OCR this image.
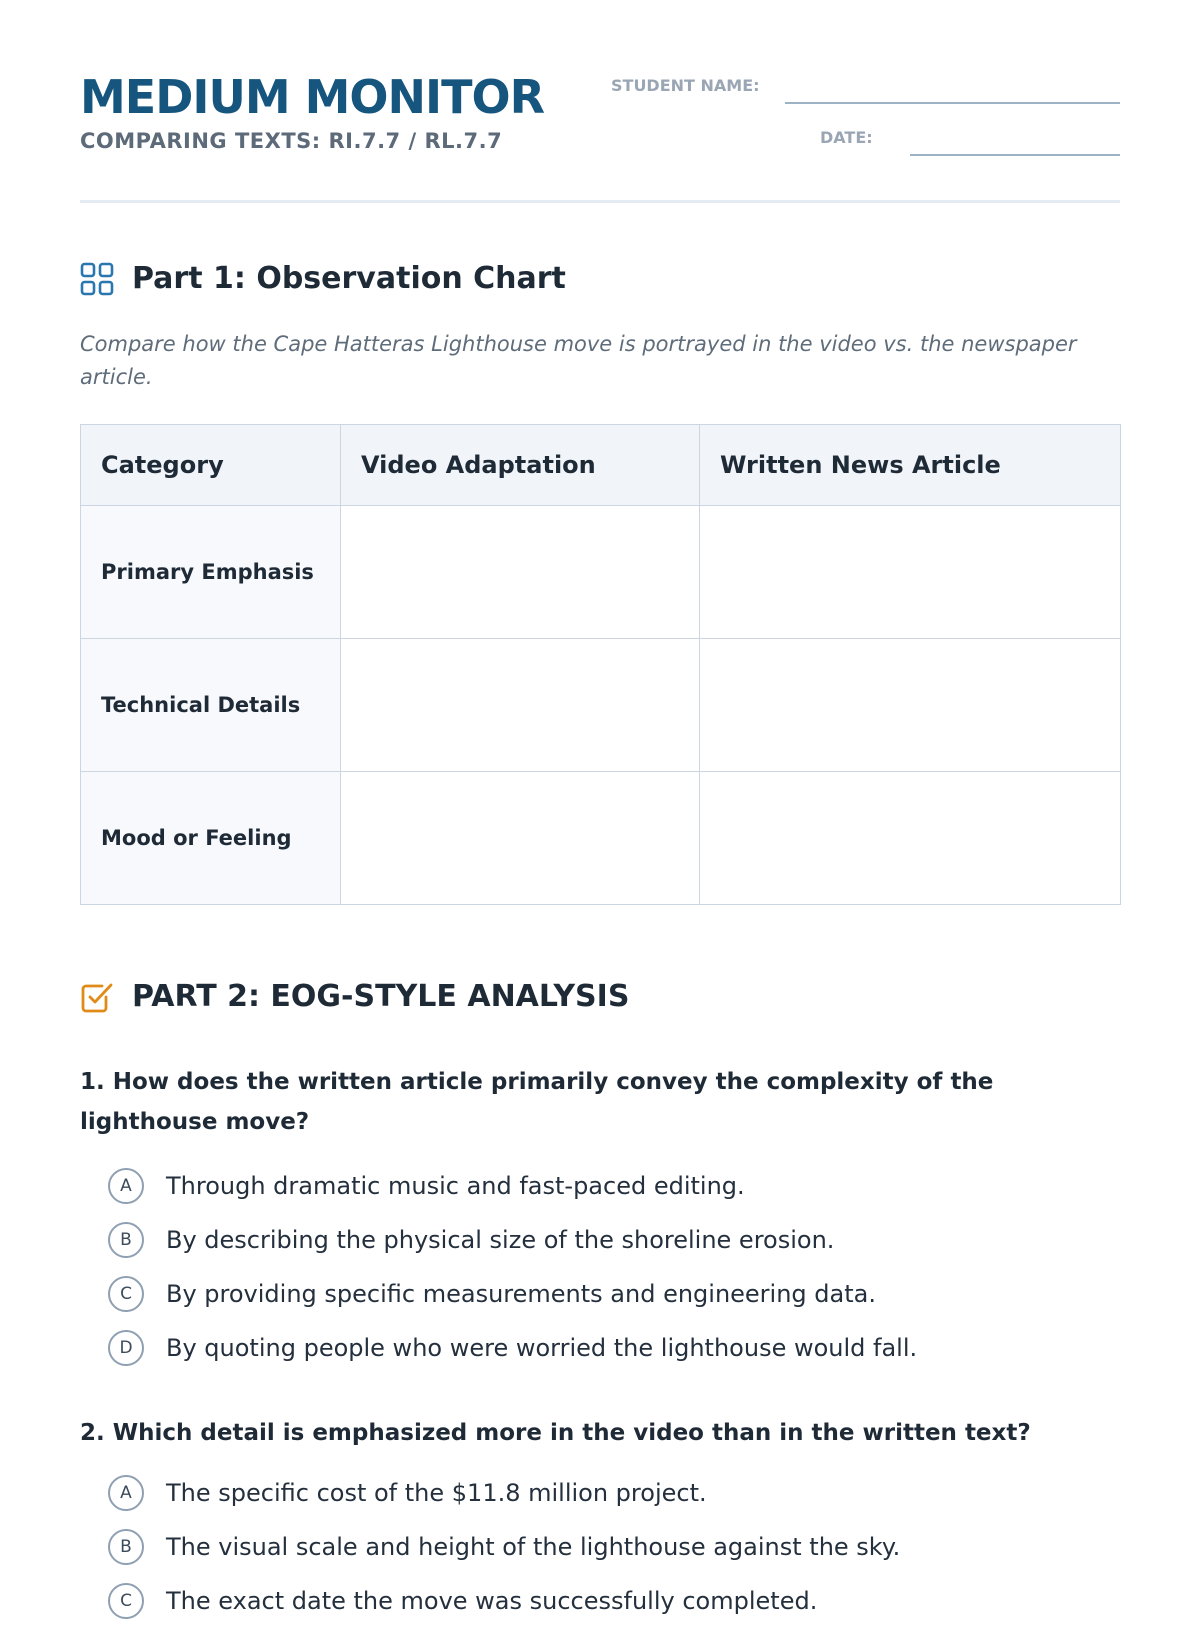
MEDIUM MONITOR
COMPARING TEXTS: RI.7.7 / RL.7.7
STUDENT NAME:
DATE:
Part 1: Observation Chart

Compare how the Cape Hatteras Lighthouse move is portrayed in the video vs. the newspaper article.

Category	Video Adaptation	Written News Article
Primary Emphasis		
Technical Details		
Mood or Feeling		
PART 2: EOG-STYLE ANALYSIS

1. How does the written article primarily convey the complexity of the lighthouse move?

A	Through dramatic music and fast-paced editing.
B	By describing the physical size of the shoreline erosion.
C	By providing specific measurements and engineering data.
D	By quoting people who were worried the lighthouse would fall.

2. Which detail is emphasized more in the video than in the written text?

A	The specific cost of the $11.8 million project.
B	The visual scale and height of the lighthouse against the sky.
C	The exact date the move was successfully completed.
